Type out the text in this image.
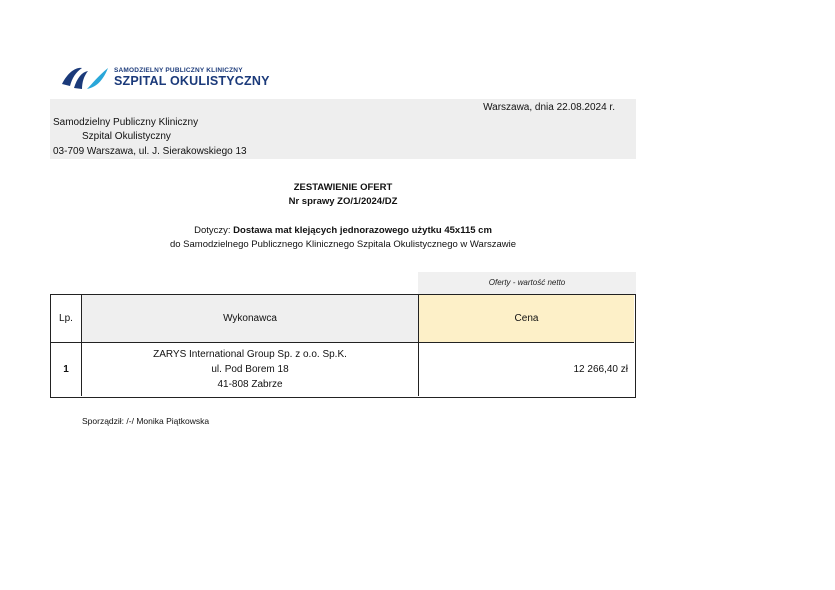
SAMODZIELNY PUBLICZNY KLINICZNY
SZPITAL OKULISTYCZNY
Warszawa, dnia 22.08.2024 r.
Samodzielny Publiczny Kliniczny
Szpital Okulistyczny
03-709 Warszawa, ul. J. Sierakowskiego 13
ZESTAWIENIE OFERT
Nr sprawy ZO/1/2024/DZ
Dotyczy: Dostawa mat klejących jednorazowego użytku 45x115 cm
do Samodzielnego Publicznego Klinicznego Szpitala Okulistycznego w Warszawie
Oferty - wartość netto
Lp.	Wykonawca	Cena
1
ZARYS International Group Sp. z o.o. Sp.K.
ul. Pod Borem 18
41-808 Zabrze
12 266,40 zł
Sporządził: /-/ Monika Piątkowska
